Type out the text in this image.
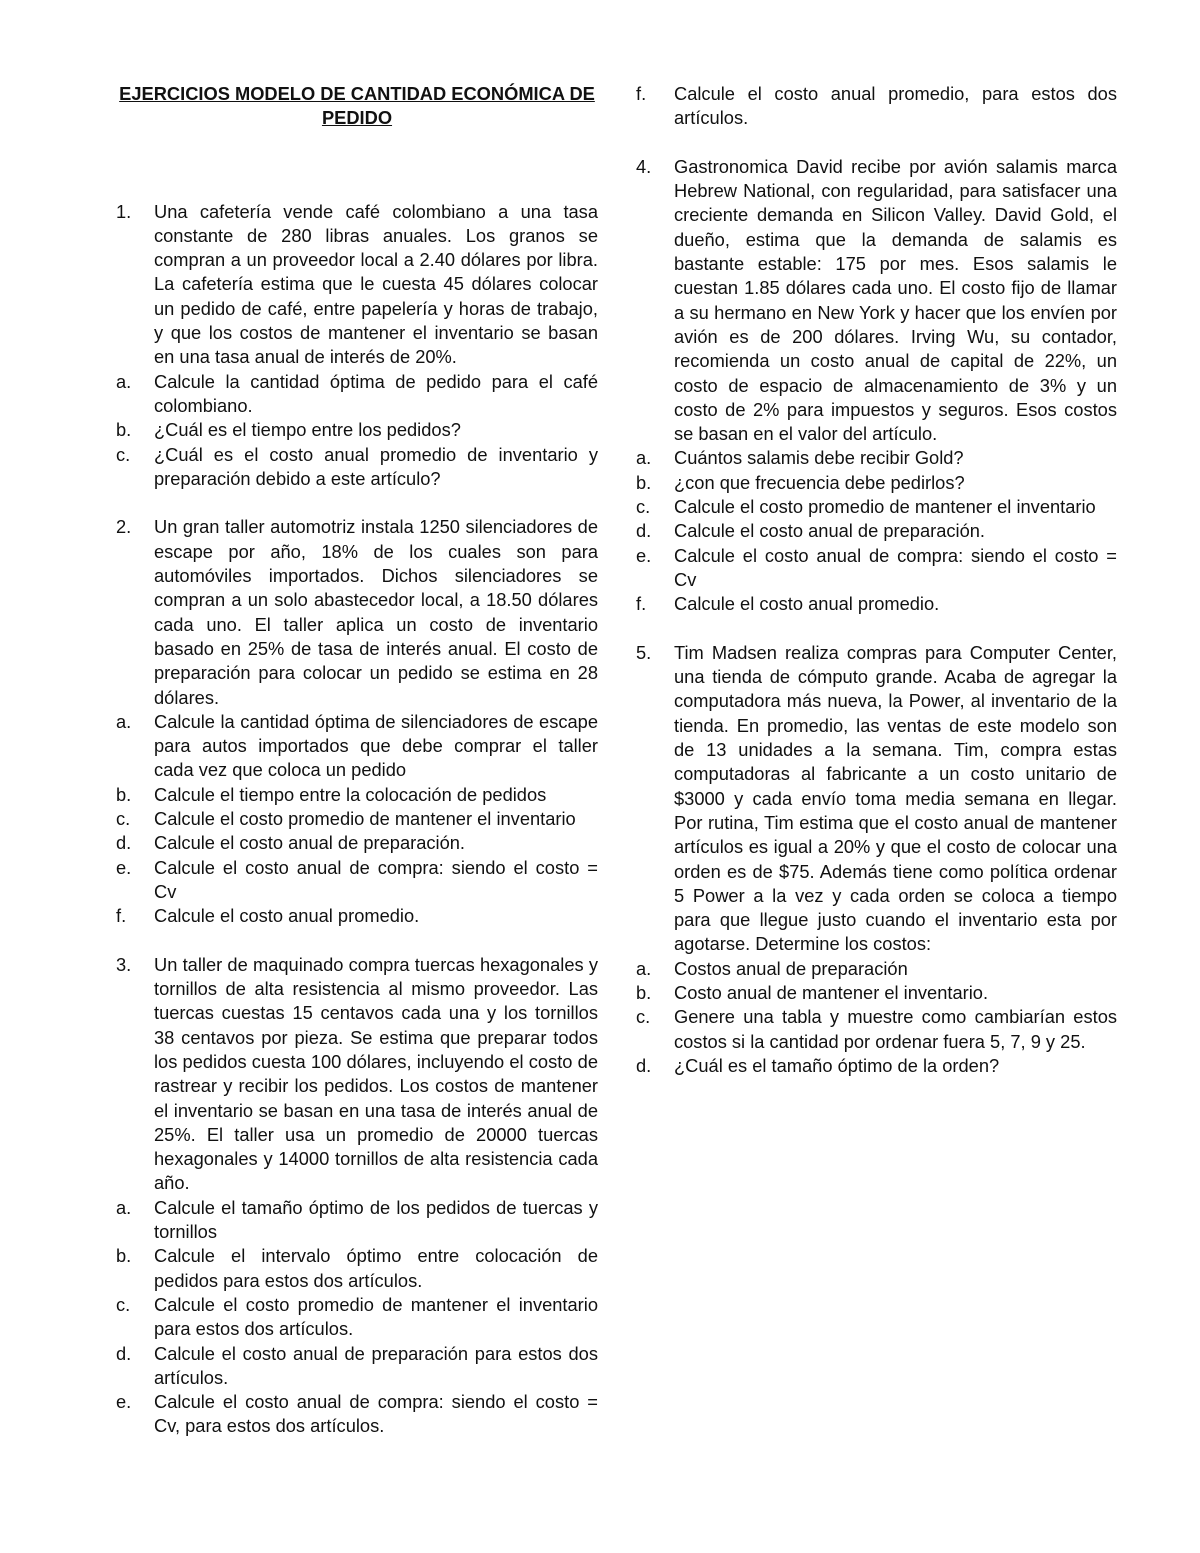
EJERCICIOS MODELO DE CANTIDAD ECONÓMICA DE PEDIDO
1.	Una cafetería vende café colombiano a una tasa constante de 280 libras anuales. Los granos se compran a un proveedor local a 2.40 dólares por libra. La cafetería estima que le cuesta 45 dólares colocar un pedido de café, entre papelería y horas de trabajo, y que los costos de mantener el inventario se basan en una tasa anual de interés de 20%.
a.	Calcule la cantidad óptima de pedido para el café colombiano.
b.	¿Cuál es el tiempo entre los pedidos?
c.	¿Cuál es el costo anual promedio de inventario y preparación debido a este artículo?
2.	Un gran taller automotriz instala 1250 silenciadores de escape por año, 18% de los cuales son para automóviles importados. Dichos silenciadores se compran a un solo abastecedor local, a 18.50 dólares cada uno. El taller aplica un costo de inventario basado en 25% de tasa de interés anual. El costo de preparación para colocar un pedido se estima en 28 dólares.
a.	Calcule la cantidad óptima de silenciadores de escape para autos importados que debe comprar el taller cada vez que coloca un pedido
b.	Calcule el tiempo entre la colocación de pedidos
c.	Calcule el costo promedio de mantener el inventario
d.	Calcule el costo anual de preparación.
e.	Calcule el costo anual de compra: siendo el costo = Cv
f.	Calcule el costo anual promedio.
3.	Un taller de maquinado compra tuercas hexagonales y tornillos de alta resistencia al mismo proveedor. Las tuercas cuestas 15 centavos cada una y los tornillos 38 centavos por pieza. Se estima que preparar todos los pedidos cuesta 100 dólares, incluyendo el costo de rastrear y recibir los pedidos. Los costos de mantener el inventario se basan en una tasa de interés anual de 25%. El taller usa un promedio de 20000 tuercas hexagonales y 14000 tornillos de alta resistencia cada año.
a.	Calcule el tamaño óptimo de los pedidos de tuercas y tornillos
b.	Calcule el intervalo óptimo entre colocación de pedidos para estos dos artículos.
c.	Calcule el costo promedio de mantener el inventario para estos dos artículos.
d.	Calcule el costo anual de preparación para estos dos artículos.
e.	Calcule el costo anual de compra: siendo el costo = Cv, para estos dos artículos.
f.	Calcule el costo anual promedio, para estos dos artículos.
4.	Gastronomica David recibe por avión salamis marca Hebrew National, con regularidad, para satisfacer una creciente demanda en Silicon Valley. David Gold, el dueño, estima que la demanda de salamis es bastante estable: 175 por mes. Esos salamis le cuestan 1.85 dólares cada uno. El costo fijo de llamar a su hermano en New York y hacer que los envíen por avión es de 200 dólares. Irving Wu, su contador, recomienda un costo anual de capital de 22%, un costo de espacio de almacenamiento de 3% y un costo de 2% para impuestos y seguros. Esos costos se basan en el valor del artículo.
a.	Cuántos salamis debe recibir Gold?
b.	¿con que frecuencia debe pedirlos?
c.	Calcule el costo promedio de mantener el inventario
d.	Calcule el costo anual de preparación.
e.	Calcule el costo anual de compra: siendo el costo = Cv
f.	Calcule el costo anual promedio.
5.	Tim Madsen realiza compras para Computer Center, una tienda de cómputo grande. Acaba de agregar la computadora más nueva, la Power, al inventario de la tienda. En promedio, las ventas de este modelo son de 13 unidades a la semana. Tim, compra estas computadoras al fabricante a un costo unitario de $3000 y cada envío toma media semana en llegar. Por rutina, Tim estima que el costo anual de mantener artículos es igual a 20% y que el costo de colocar una orden es de $75. Además tiene como política ordenar 5 Power a la vez y cada orden se coloca a tiempo para que llegue justo cuando el inventario esta por agotarse. Determine los costos:
a.	Costos anual de preparación
b.	Costo anual de mantener el inventario.
c.	Genere una tabla y muestre como cambiarían estos costos si la cantidad por ordenar fuera 5, 7, 9 y 25.
d.	¿Cuál es el tamaño óptimo de la orden?
